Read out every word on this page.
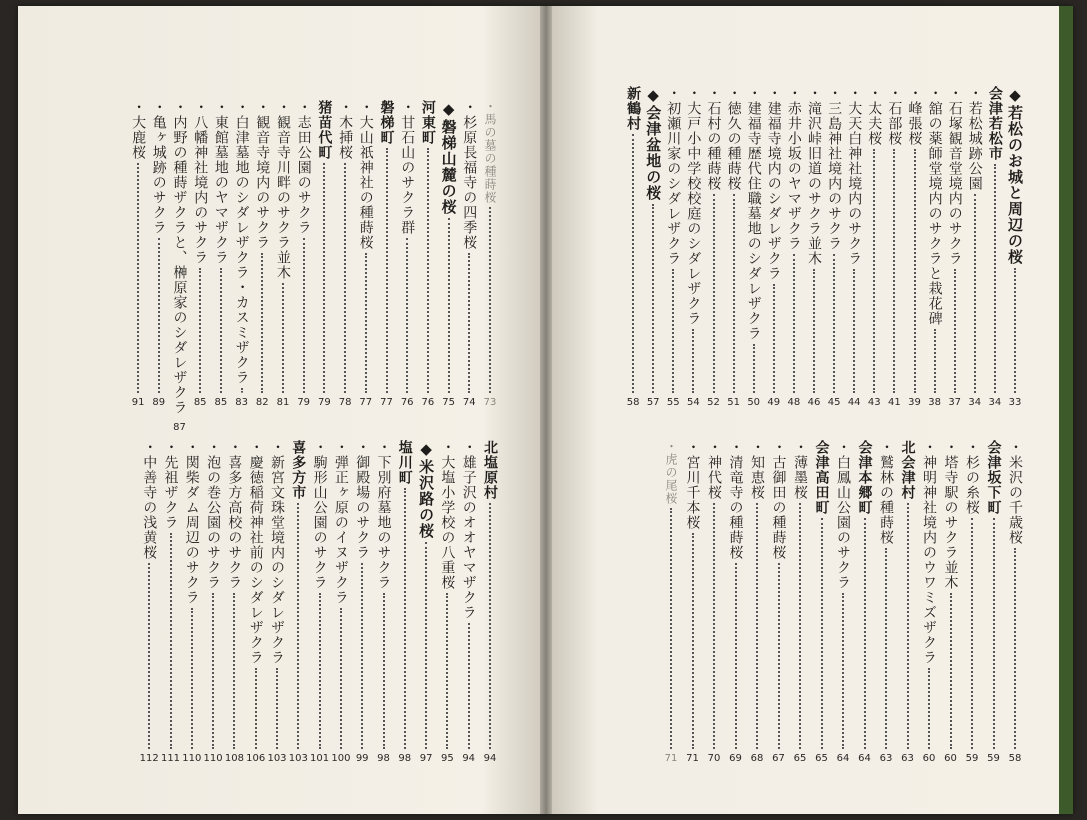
・馬の墓の種蒔桜
73
・杉原長福寺の四季桜
74
◆磐梯山麓の桜
75
河東町
76
・甘石山のサクラ群
76
磐梯町
77
・大山祇神社の種蒔桜
77
・木挿桜
78
猪苗代町
79
・志田公園のサクラ
79
・観音寺川畔のサクラ並木
81
・観音寺境内のサクラ
82
・白津墓地のシダレザクラ・カスミザクラ
83
・東館墓地のヤマザクラ
85
・八幡神社境内のサクラ
85
・内野の種蒔ザクラと、榊原家のシダレザクラ
87
・亀ヶ城跡のサクラ
89
・大鹿桜
91
北塩原村
94
・雄子沢のオオヤマザクラ
94
・大塩小学校の八重桜
95
◆米沢路の桜
97
塩川町
98
・下別府墓地のサクラ
98
・御殿場のサクラ
99
・弾正ヶ原のイヌザクラ
100
・駒形山公園のサクラ
101
喜多方市
103
・新宮文珠堂境内のシダレザクラ
103
・慶徳稲荷神社前のシダレザクラ
106
・喜多方高校のサクラ
108
・泡の巻公園のサクラ
110
・関柴ダム周辺のサクラ
110
・先祖ザクラ
111
・中善寺の浅黄桜
112
◆若松のお城と周辺の桜
33
会津若松市
34
・若松城跡公園
34
・石塚観音堂境内のサクラ
37
・舘の薬師堂境内のサクラと栽花碑
38
・峰張桜
39
・石部桜
41
・太夫桜
43
・大天白神社境内のサクラ
44
・三島神社境内のサクラ
45
・滝沢峠旧道のサクラ並木
46
・赤井小坂のヤマザクラ
48
・建福寺境内のシダレザクラ
49
・建福寺歴代住職墓地のシダレザクラ
50
・徳久の種蒔桜
51
・石村の種蒔桜
52
・大戸小中学校校庭のシダレザクラ
54
・初瀬川家のシダレザクラ
55
◆会津盆地の桜
57
新鶴村
58
・米沢の千歳桜
58
会津坂下町
59
・杉の糸桜
59
・塔寺駅のサクラ並木
60
・神明神社境内のウワミズザクラ
60
北会津村
63
・鷲林の種蒔桜
63
会津本郷町
64
・白鳳山公園のサクラ
64
会津高田町
65
・薄墨桜
65
・古御田の種蒔桜
67
・知恵桜
68
・清竜寺の種蒔桜
69
・神代桜
70
・宮川千本桜
71
・虎の尾桜
71
